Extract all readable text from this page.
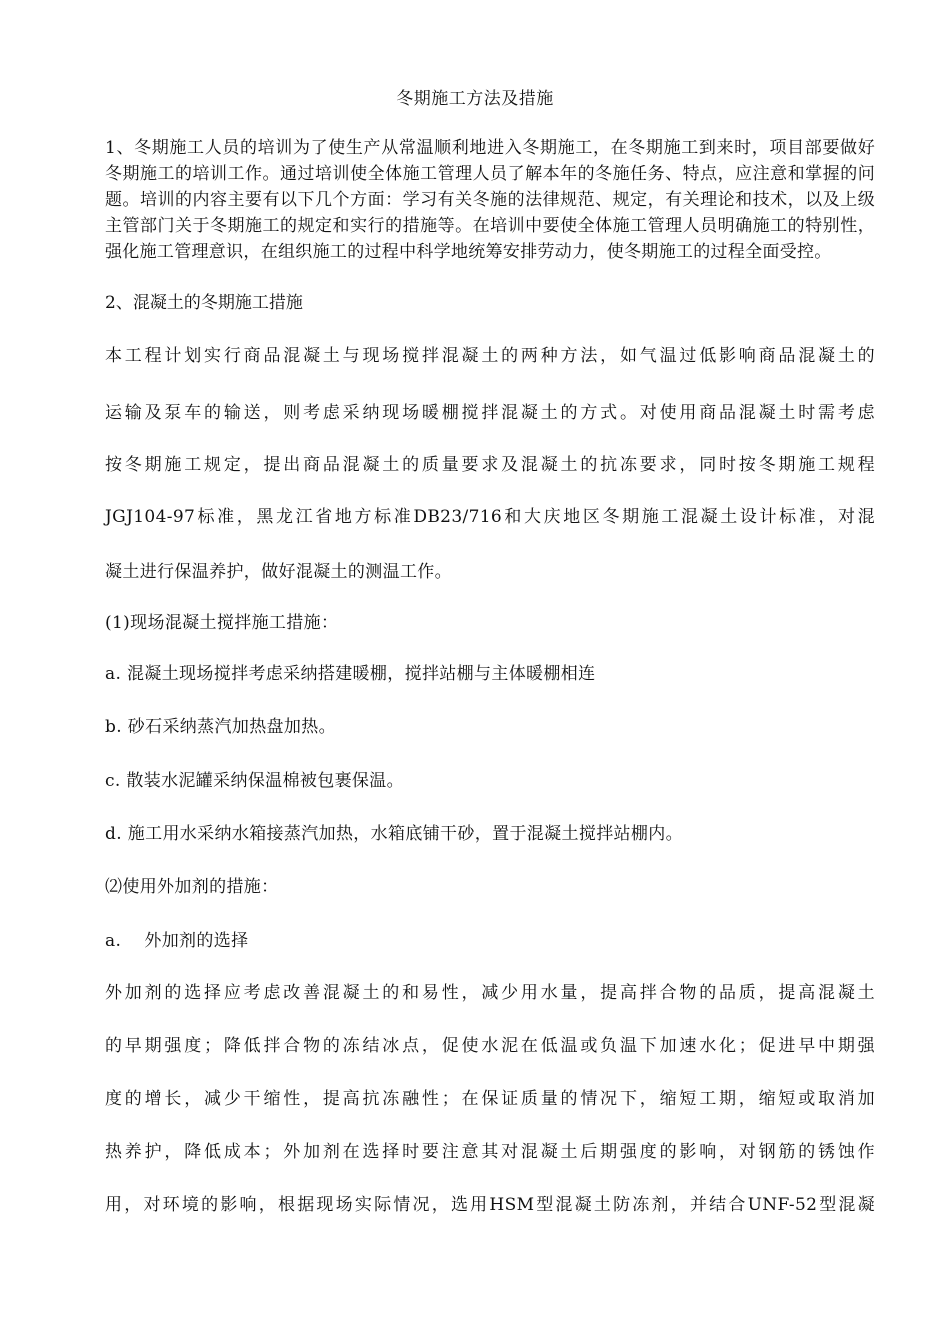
冬期施工方法及措施
1、冬期施工人员的培训为了使生产从常温顺利地进入冬期施工，在冬期施工到来时，项目部要做好冬期施工的培训工作。通过培训使全体施工管理人员了解本年的冬施任务、特点，应注意和掌握的问题。培训的内容主要有以下几个方面：学习有关冬施的法律规范、规定，有关理论和技术，以及上级主管部门关于冬期施工的规定和实行的措施等。在培训中要使全体施工管理人员明确施工的特别性，强化施工管理意识，在组织施工的过程中科学地统筹安排劳动力，使冬期施工的过程全面受控。
2、混凝土的冬期施工措施
本工程计划实行商品混凝土与现场搅拌混凝土的两种方法，如气温过低影响商品混凝土的
运输及泵车的输送，则考虑采纳现场暖棚搅拌混凝土的方式。对使用商品混凝土时需考虑
按冬期施工规定，提出商品混凝土的质量要求及混凝土的抗冻要求，同时按冬期施工规程
JGJ104-97标准，黑龙江省地方标准DB23/716和大庆地区冬期施工混凝土设计标准，对混
凝土进行保温养护，做好混凝土的测温工作。
(1)现场混凝土搅拌施工措施：
a. 混凝土现场搅拌考虑采纳搭建暖棚，搅拌站棚与主体暖棚相连
b. 砂石采纳蒸汽加热盘加热。
c. 散装水泥罐采纳保温棉被包裹保温。
d. 施工用水采纳水箱接蒸汽加热，水箱底铺干砂，置于混凝土搅拌站棚内。
⑵使用外加剂的措施：
a.　 外加剂的选择
外加剂的选择应考虑改善混凝土的和易性，减少用水量，提高拌合物的品质，提高混凝土
的早期强度；降低拌合物的冻结冰点，促使水泥在低温或负温下加速水化；促进早中期强
度的增长，减少干缩性，提高抗冻融性；在保证质量的情况下，缩短工期，缩短或取消加
热养护，降低成本；外加剂在选择时要注意其对混凝土后期强度的影响，对钢筋的锈蚀作
用，对环境的影响，根据现场实际情况，选用HSM型混凝土防冻剂，并结合UNF-52型混凝
